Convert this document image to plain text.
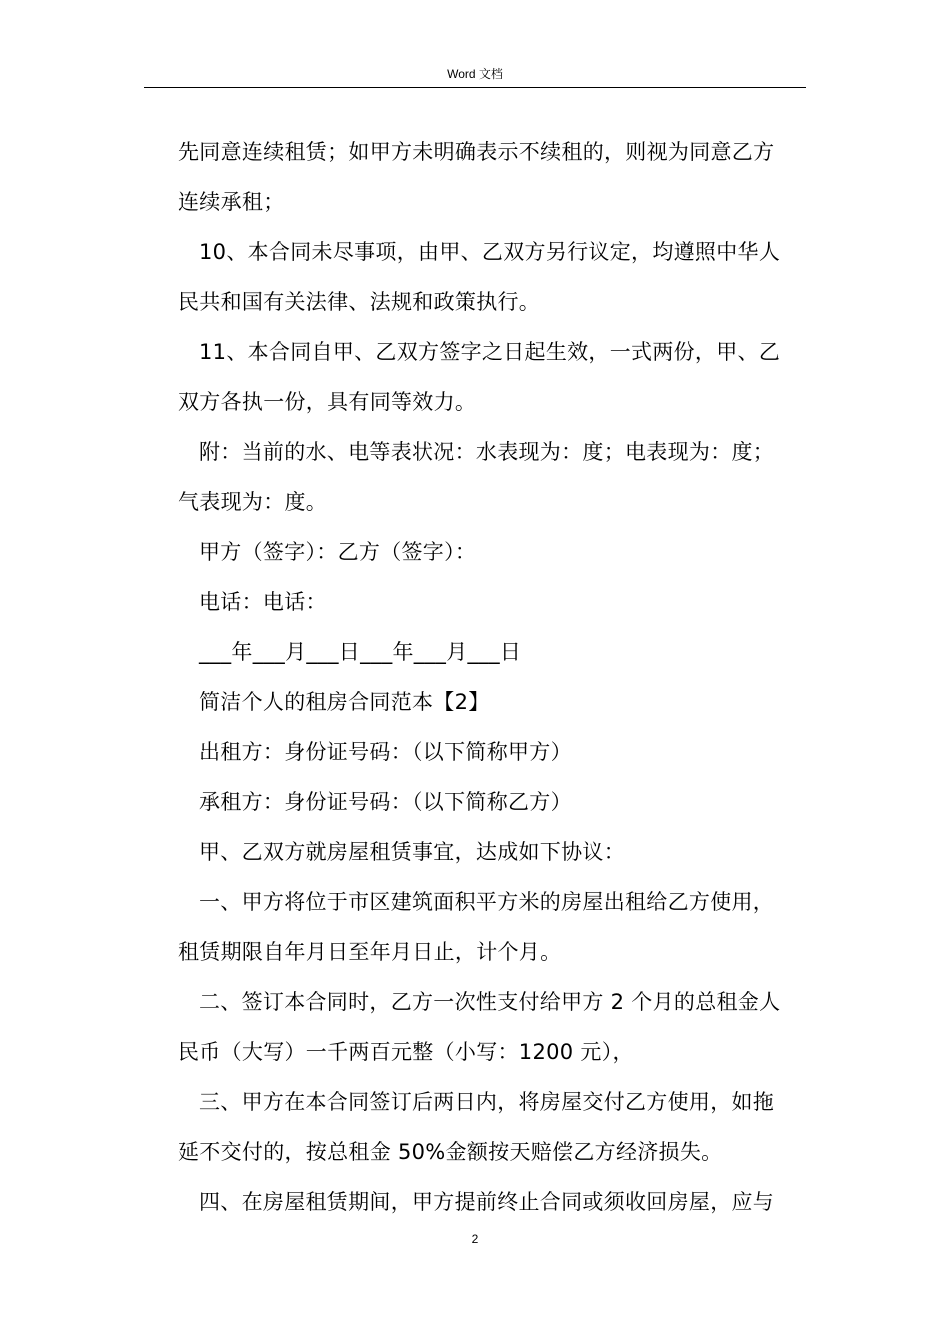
Word 文档
先同意连续租赁；如甲方未明确表示不续租的，则视为同意乙方
连续承租；
10、本合同未尽事项，由甲、乙双方另行议定，均遵照中华人
民共和国有关法律、法规和政策执行。
11、本合同自甲、乙双方签字之日起生效，一式两份，甲、乙
双方各执一份，具有同等效力。
附：当前的水、电等表状况：水表现为：度；电表现为：度；
气表现为：度。
甲方（签字）：乙方（签字）：
电话：电话：
___年___月___日___年___月___日
简洁个人的租房合同范本【2】
出租方：身份证号码：（以下简称甲方）
承租方：身份证号码：（以下简称乙方）
甲、乙双方就房屋租赁事宜，达成如下协议：
一、甲方将位于市区建筑面积平方米的房屋出租给乙方使用，
租赁期限自年月日至年月日止，计个月。
二、签订本合同时，乙方一次性支付给甲方 2 个月的总租金人
民币（大写）一千两百元整（小写：1200 元），
三、甲方在本合同签订后两日内，将房屋交付乙方使用，如拖
延不交付的，按总租金 50%金额按天赔偿乙方经济损失。
四、在房屋租赁期间，甲方提前终止合同或须收回房屋，应与
2
